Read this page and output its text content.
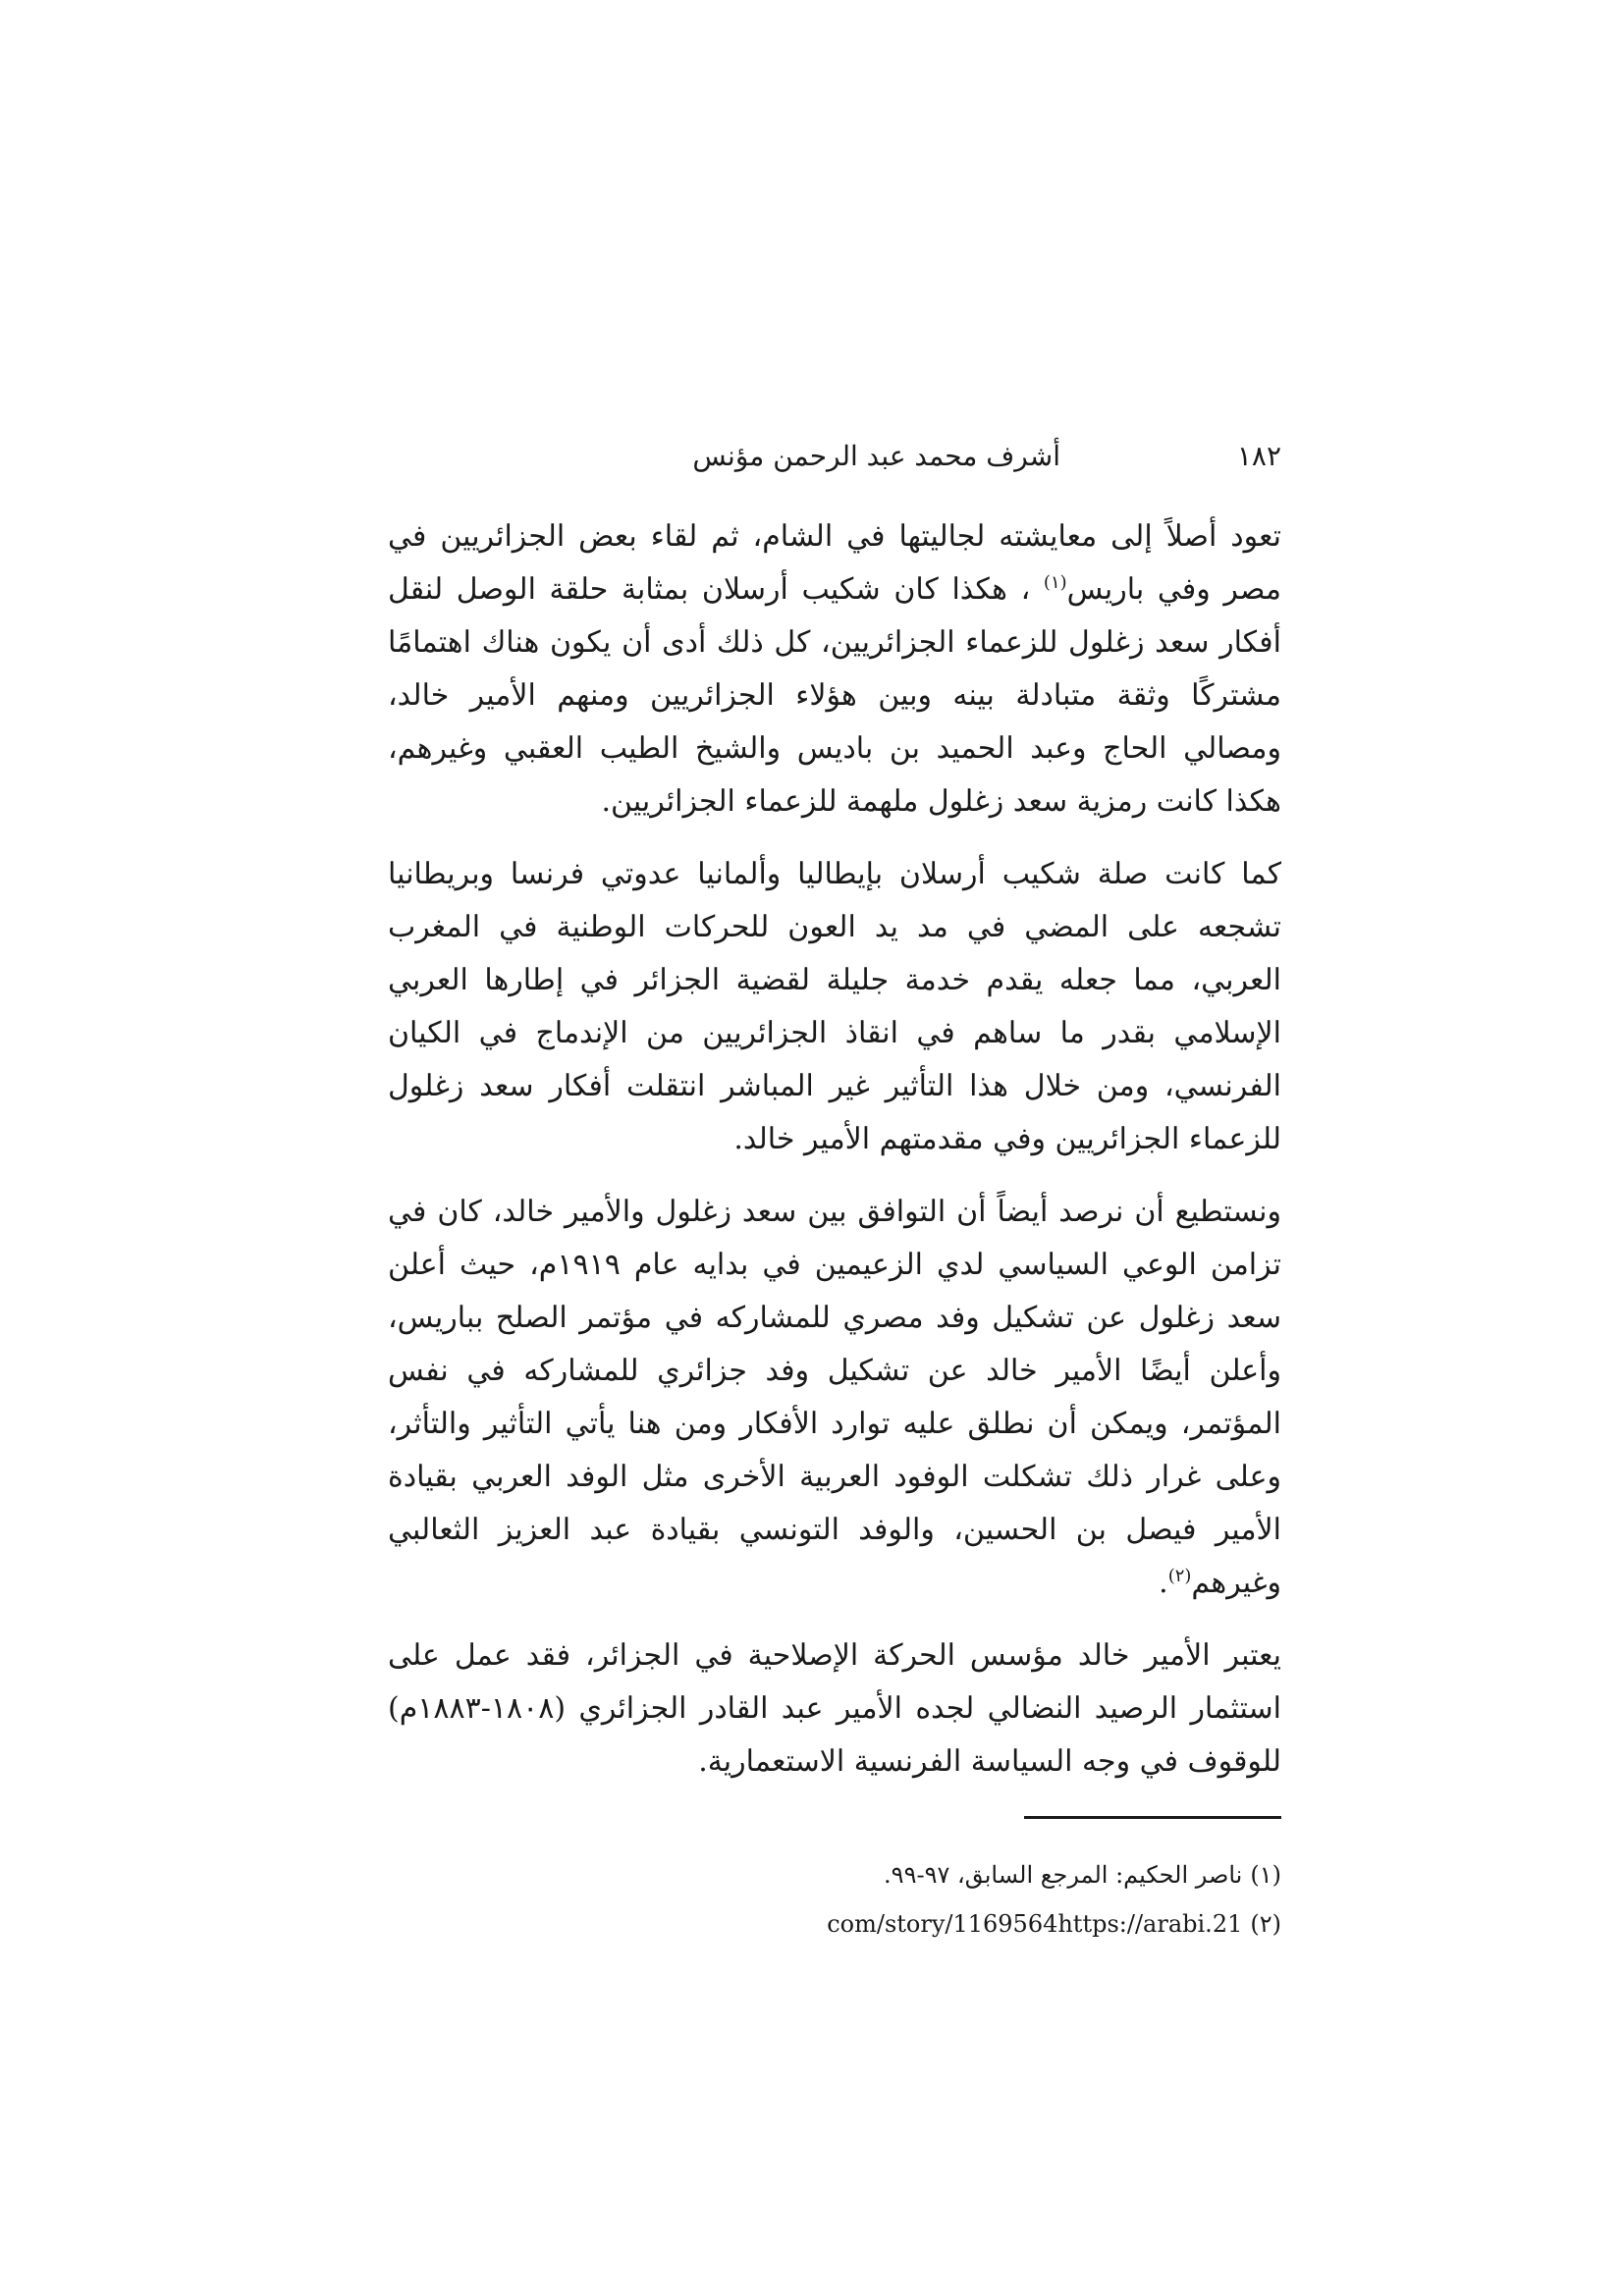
١٨٢
أشرف محمد عبد الرحمن مؤنس

تعود أصلاً إلى معايشته لجاليتها في الشام، ثم لقاء بعض الجزائريين في مصر وفي باريس$^{(١)}$ ، هكذا كان شكيب أرسلان بمثابة حلقة الوصل لنقل أفكار سعد زغلول للزعماء الجزائريين، كل ذلك أدى أن يكون هناك اهتمامًا مشتركًا وثقة متبادلة بينه وبين هؤلاء الجزائريين ومنهم الأمير خالد، ومصالي الحاج وعبد الحميد بن باديس والشيخ الطيب العقبي وغيرهم، هكذا كانت رمزية سعد زغلول ملهمة للزعماء الجزائريين.

كما كانت صلة شكيب أرسلان بإيطاليا وألمانيا عدوتي فرنسا وبريطانيا تشجعه على المضي في مد يد العون للحركات الوطنية في المغرب العربي، مما جعله يقدم خدمة جليلة لقضية الجزائر في إطارها العربي الإسلامي بقدر ما ساهم في انقاذ الجزائريين من الإندماج في الكيان الفرنسي، ومن خلال هذا التأثير غير المباشر انتقلت أفكار سعد زغلول للزعماء الجزائريين وفي مقدمتهم الأمير خالد.

ونستطيع أن نرصد أيضاً أن التوافق بين سعد زغلول والأمير خالد، كان في تزامن الوعي السياسي لدي الزعيمين في بدايه عام ١٩١٩م، حيث أعلن سعد زغلول عن تشكيل وفد مصري للمشاركه في مؤتمر الصلح بباريس، وأعلن أيضًا الأمير خالد عن تشكيل وفد جزائري للمشاركه في نفس المؤتمر، ويمكن أن نطلق عليه توارد الأفكار ومن هنا يأتي التأثير والتأثر، وعلى غرار ذلك تشكلت الوفود العربية الأخرى مثل الوفد العربي بقيادة الأمير فيصل بن الحسين، والوفد التونسي بقيادة عبد العزيز الثعالبي وغيرهم$^{(٢)}$.

يعتبر الأمير خالد مؤسس الحركة الإصلاحية في الجزائر، فقد عمل على استثمار الرصيد النضالي لجده الأمير عبد القادر الجزائري (١٨٠٨-١٨٨٣م) للوقوف في وجه السياسة الفرنسية الاستعمارية.

(١)ناصر الحكيم: المرجع السابق، ٩٧-٩٩.

(٢)21.com/story/1169564https://arabi
